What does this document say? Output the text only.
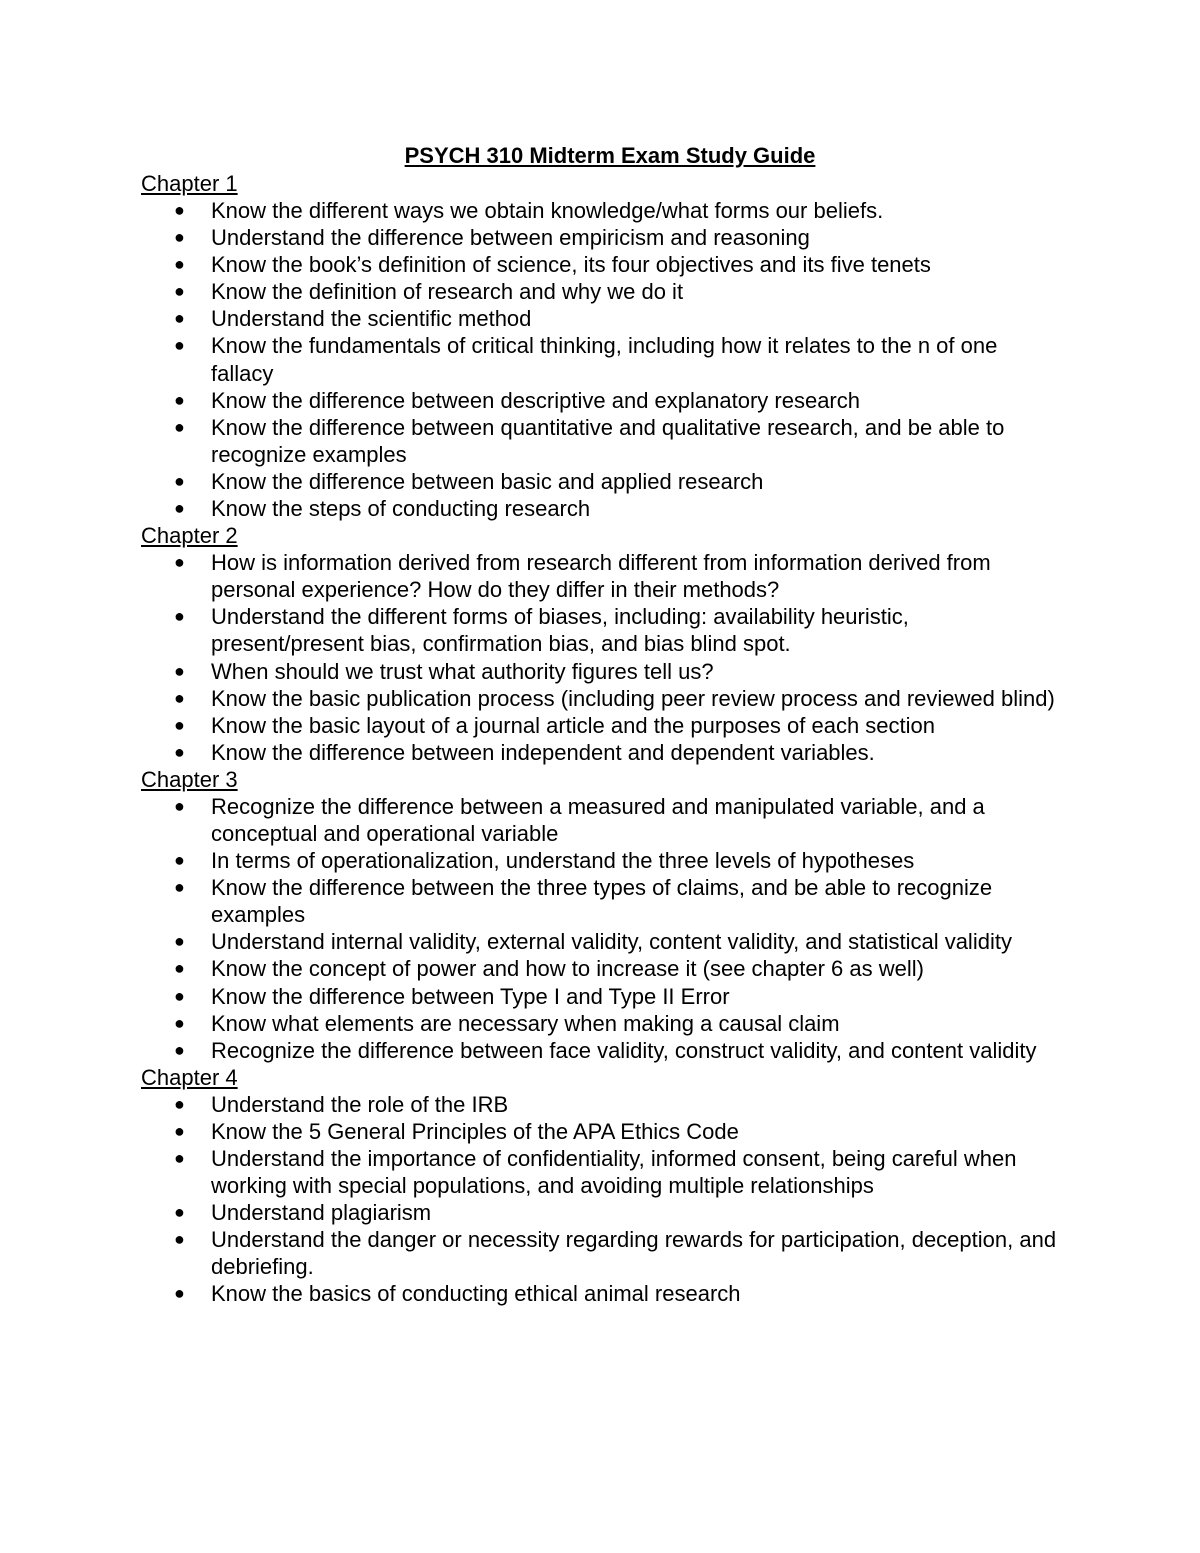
PSYCH 310 Midterm Exam Study Guide

Chapter 1

● Know the different ways we obtain knowledge/what forms our beliefs.
● Understand the difference between empiricism and reasoning
● Know the book’s definition of science, its four objectives and its five tenets
● Know the definition of research and why we do it
● Understand the scientific method
● Know the fundamentals of critical thinking, including how it relates to the n of one fallacy
● Know the difference between descriptive and explanatory research
● Know the difference between quantitative and qualitative research, and be able to recognize examples
● Know the difference between basic and applied research
● Know the steps of conducting research

Chapter 2

● How is information derived from research different from information derived from personal experience? How do they differ in their methods?
● Understand the different forms of biases, including: availability heuristic, present/present bias, confirmation bias, and bias blind spot.
● When should we trust what authority figures tell us?
● Know the basic publication process (including peer review process and reviewed blind)
● Know the basic layout of a journal article and the purposes of each section
● Know the difference between independent and dependent variables.

Chapter 3

● Recognize the difference between a measured and manipulated variable, and a conceptual and operational variable
● In terms of operationalization, understand the three levels of hypotheses
● Know the difference between the three types of claims, and be able to recognize examples
● Understand internal validity, external validity, content validity, and statistical validity
● Know the concept of power and how to increase it (see chapter 6 as well)
● Know the difference between Type I and Type II Error
● Know what elements are necessary when making a causal claim
● Recognize the difference between face validity, construct validity, and content validity

Chapter 4

● Understand the role of the IRB
● Know the 5 General Principles of the APA Ethics Code
● Understand the importance of confidentiality, informed consent, being careful when working with special populations, and avoiding multiple relationships
● Understand plagiarism
● Understand the danger or necessity regarding rewards for participation, deception, and debriefing.
● Know the basics of conducting ethical animal research
